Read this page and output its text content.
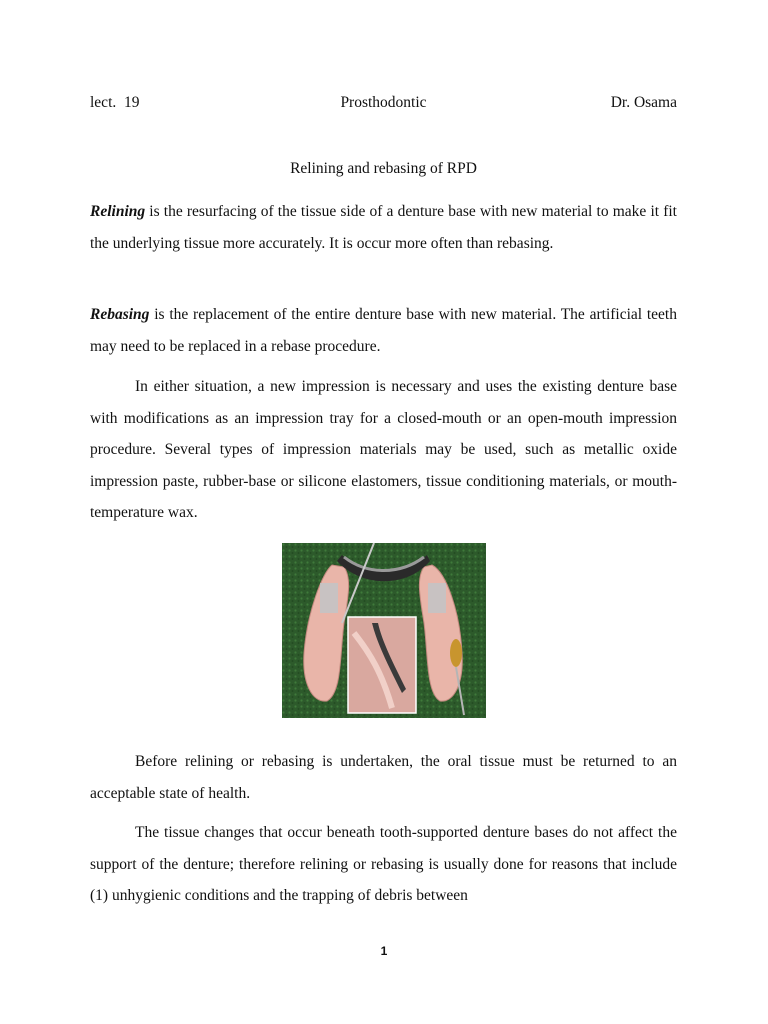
lect.  19	Prosthodontic	Dr. Osama
Relining and rebasing of RPD

Relining is the resurfacing of the tissue side of a denture base with new material to make it fit the underlying tissue more accurately. It is occur more often than rebasing.

Rebasing is the replacement of the entire denture base with new material. The artificial teeth may need to be replaced in a rebase procedure.

In either situation, a new impression is necessary and uses the existing denture base with modifications as an impression tray for a closed-mouth or an open-mouth impression procedure. Several types of impression materials may be used, such as metallic oxide impression paste, rubber-base or silicone elastomers, tissue conditioning materials, or mouth-temperature wax.

Before relining or rebasing is undertaken, the oral tissue must be returned to an acceptable state of health.

The tissue changes that occur beneath tooth-supported denture bases do not affect the support of the denture; therefore relining or rebasing is usually done for reasons that include (1) unhygienic conditions and the trapping of debris between

1
